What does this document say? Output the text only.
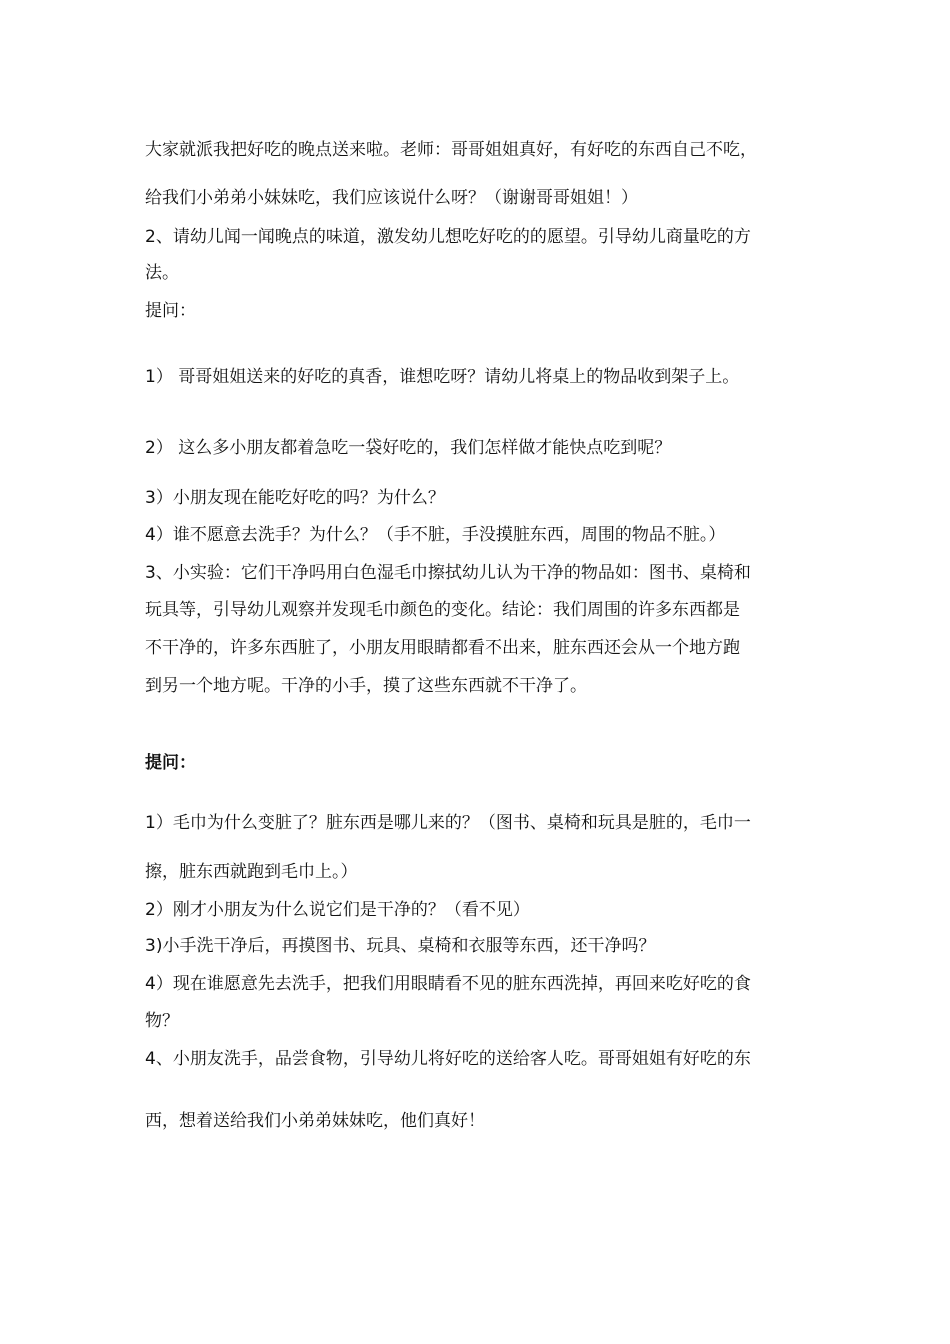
大家就派我把好吃的晚点送来啦。老师：哥哥姐姐真好，有好吃的东西自己不吃，
给我们小弟弟小妹妹吃，我们应该说什么呀？（谢谢哥哥姐姐！）
2、请幼儿闻一闻晚点的味道，激发幼儿想吃好吃的的愿望。引导幼儿商量吃的方
法。
提问：
1） 哥哥姐姐送来的好吃的真香，谁想吃呀？请幼儿将桌上的物品收到架子上。
2） 这么多小朋友都着急吃一袋好吃的，我们怎样做才能快点吃到呢？
3）小朋友现在能吃好吃的吗？为什么？
4）谁不愿意去洗手？为什么？（手不脏，手没摸脏东西，周围的物品不脏。）
3、小实验：它们干净吗用白色湿毛巾擦拭幼儿认为干净的物品如：图书、桌椅和
玩具等，引导幼儿观察并发现毛巾颜色的变化。结论：我们周围的许多东西都是
不干净的，许多东西脏了，小朋友用眼睛都看不出来，脏东西还会从一个地方跑
到另一个地方呢。干净的小手，摸了这些东西就不干净了。
提问：
1）毛巾为什么变脏了？脏东西是哪儿来的？（图书、桌椅和玩具是脏的，毛巾一
擦，脏东西就跑到毛巾上。）
2）刚才小朋友为什么说它们是干净的？（看不见）
3)小手洗干净后，再摸图书、玩具、桌椅和衣服等东西，还干净吗？
4）现在谁愿意先去洗手，把我们用眼睛看不见的脏东西洗掉，再回来吃好吃的食
物？
4、小朋友洗手，品尝食物，引导幼儿将好吃的送给客人吃。哥哥姐姐有好吃的东
西，想着送给我们小弟弟妹妹吃，他们真好！
